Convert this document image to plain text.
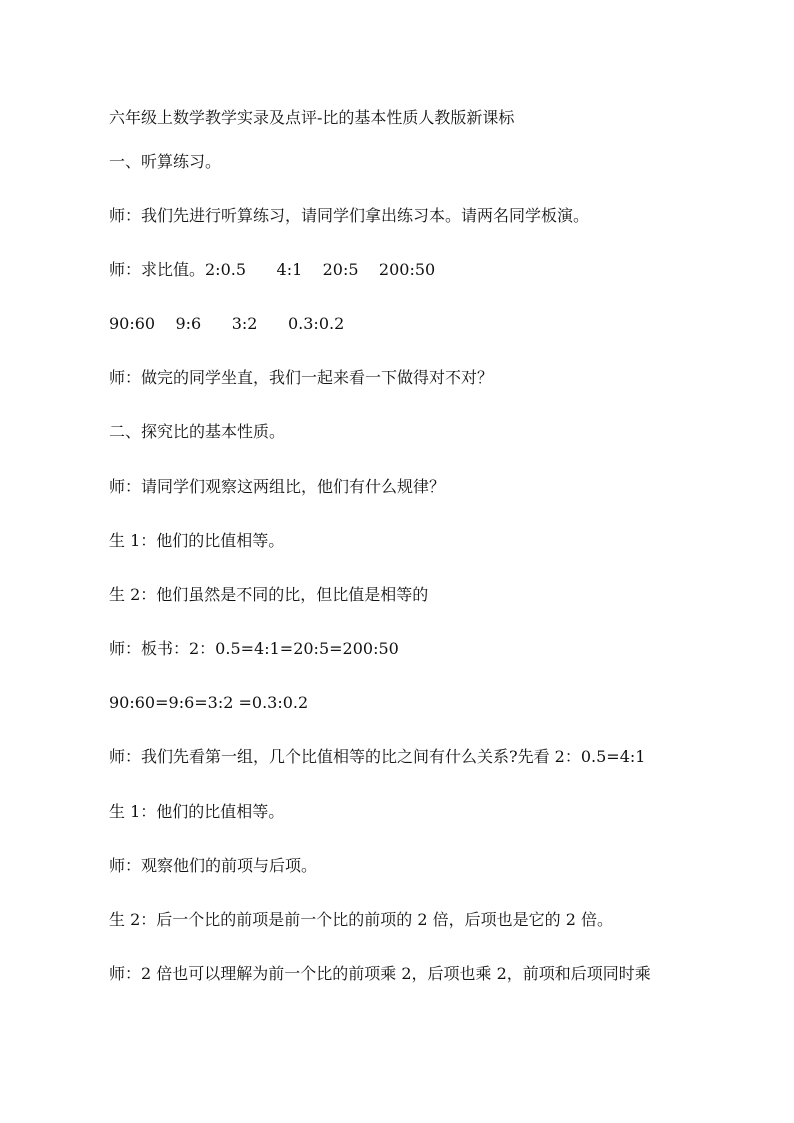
六年级上数学教学实录及点评-比的基本性质人教版新课标
一、听算练习。
师：我们先进行听算练习，请同学们拿出练习本。请两名同学板演。
师：求比值。2:0.5      4:1    20:5    200:50
90:60    9:6      3:2      0.3:0.2
师：做完的同学坐直，我们一起来看一下做得对不对？
二、探究比的基本性质。
师：请同学们观察这两组比，他们有什么规律？
生 1：他们的比值相等。
生 2：他们虽然是不同的比，但比值是相等的
师：板书：2：0.5=4:1=20:5=200:50
90:60=9:6=3:2 =0.3:0.2
师：我们先看第一组，几个比值相等的比之间有什么关系?先看 2：0.5=4:1
生 1：他们的比值相等。
师：观察他们的前项与后项。
生 2：后一个比的前项是前一个比的前项的 2 倍，后项也是它的 2 倍。
师：2 倍也可以理解为前一个比的前项乘 2，后项也乘 2，前项和后项同时乘
